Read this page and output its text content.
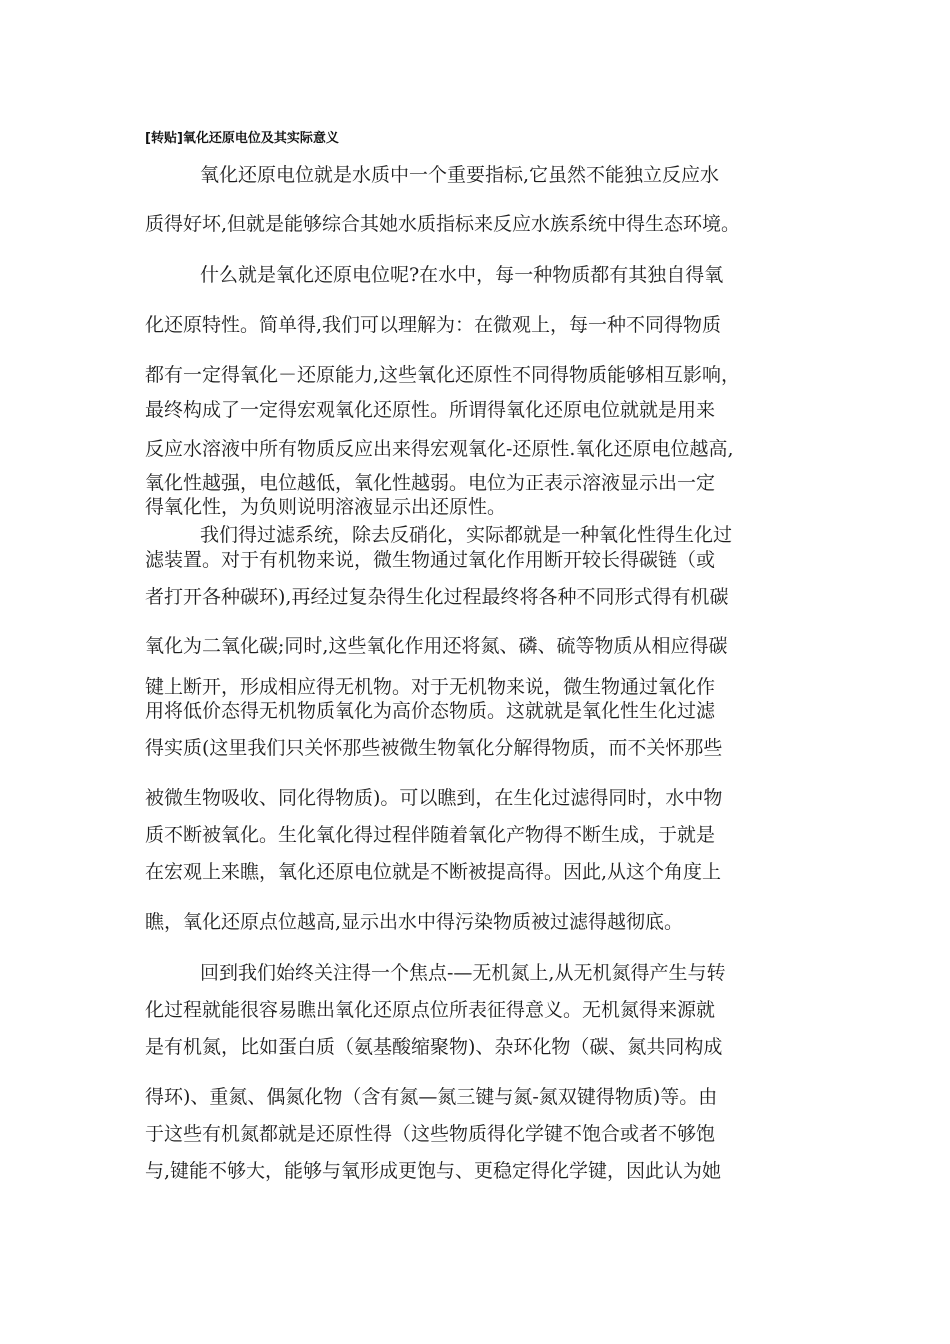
[转贴]氧化还原电位及其实际意义
氧化还原电位就是水质中一个重要指标,它虽然不能独立反应水
质得好坏,但就是能够综合其她水质指标来反应水族系统中得生态环境。
什么就是氧化还原电位呢?在水中，每一种物质都有其独自得氧
化还原特性。简单得,我们可以理解为：在微观上，每一种不同得物质
都有一定得氧化－还原能力,这些氧化还原性不同得物质能够相互影响，
最终构成了一定得宏观氧化还原性。所谓得氧化还原电位就就是用来
反应水溶液中所有物质反应出来得宏观氧化-还原性.氧化还原电位越高,
氧化性越强，电位越低，氧化性越弱。电位为正表示溶液显示出一定
得氧化性，为负则说明溶液显示出还原性。
我们得过滤系统，除去反硝化，实际都就是一种氧化性得生化过
滤装置。对于有机物来说，微生物通过氧化作用断开较长得碳链（或
者打开各种碳环),再经过复杂得生化过程最终将各种不同形式得有机碳
氧化为二氧化碳;同时,这些氧化作用还将氮、磷、硫等物质从相应得碳
键上断开，形成相应得无机物。对于无机物来说，微生物通过氧化作
用将低价态得无机物质氧化为高价态物质。这就就是氧化性生化过滤
得实质(这里我们只关怀那些被微生物氧化分解得物质，而不关怀那些
被微生物吸收、同化得物质)。可以瞧到，在生化过滤得同时，水中物
质不断被氧化。生化氧化得过程伴随着氧化产物得不断生成，于就是
在宏观上来瞧，氧化还原电位就是不断被提高得。因此,从这个角度上
瞧，氧化还原点位越高,显示出水中得污染物质被过滤得越彻底。
回到我们始终关注得一个焦点-—无机氮上,从无机氮得产生与转
化过程就能很容易瞧出氧化还原点位所表征得意义。无机氮得来源就
是有机氮，比如蛋白质（氨基酸缩聚物)、杂环化物（碳、氮共同构成
得环)、重氮、偶氮化物（含有氮—氮三键与氮-氮双键得物质)等。由
于这些有机氮都就是还原性得（这些物质得化学键不饱合或者不够饱
与,键能不够大，能够与氧形成更饱与、更稳定得化学键，因此认为她
